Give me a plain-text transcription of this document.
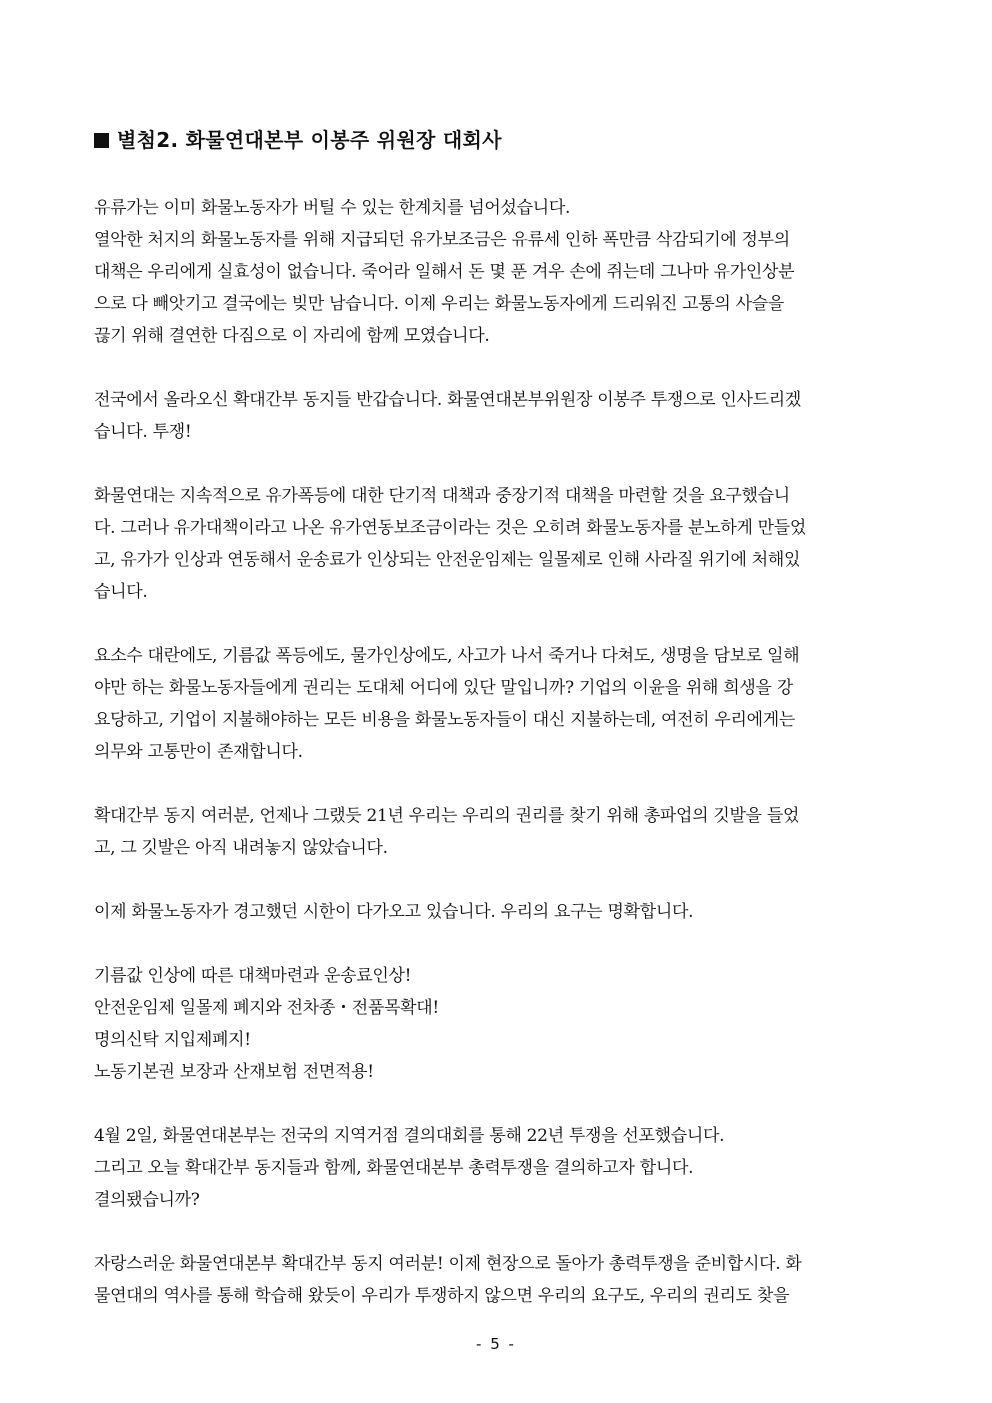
별첨2. 화물연대본부 이봉주 위원장 대회사

유류가는 이미 화물노동자가 버틸 수 있는 한계치를 넘어섰습니다.
열악한 처지의 화물노동자를 위해 지급되던 유가보조금은 유류세 인하 폭만큼 삭감되기에 정부의
대책은 우리에게 실효성이 없습니다. 죽어라 일해서 돈 몇 푼 겨우 손에 쥐는데 그나마 유가인상분
으로 다 빼앗기고 결국에는 빚만 남습니다. 이제 우리는 화물노동자에게 드리워진 고통의 사슬을
끊기 위해 결연한 다짐으로 이 자리에 함께 모였습니다.

전국에서 올라오신 확대간부 동지들 반갑습니다. 화물연대본부위원장 이봉주 투쟁으로 인사드리겠
습니다. 투쟁!

화물연대는 지속적으로 유가폭등에 대한 단기적 대책과 중장기적 대책을 마련할 것을 요구했습니
다. 그러나 유가대책이라고 나온 유가연동보조금이라는 것은 오히려 화물노동자를 분노하게 만들었
고, 유가가 인상과 연동해서 운송료가 인상되는 안전운임제는 일몰제로 인해 사라질 위기에 처해있
습니다.

요소수 대란에도, 기름값 폭등에도, 물가인상에도, 사고가 나서 죽거나 다쳐도, 생명을 담보로 일해
야만 하는 화물노동자들에게 권리는 도대체 어디에 있단 말입니까? 기업의 이윤을 위해 희생을 강
요당하고, 기업이 지불해야하는 모든 비용을 화물노동자들이 대신 지불하는데, 여전히 우리에게는
의무와 고통만이 존재합니다.

확대간부 동지 여러분, 언제나 그랬듯 21년 우리는 우리의 권리를 찾기 위해 총파업의 깃발을 들었
고, 그 깃발은 아직 내려놓지 않았습니다.

이제 화물노동자가 경고했던 시한이 다가오고 있습니다. 우리의 요구는 명확합니다.

기름값 인상에 따른 대책마련과 운송료인상!
안전운임제 일몰제 폐지와 전차종・전품목확대!
명의신탁 지입제폐지!
노동기본권 보장과 산재보험 전면적용!

4월 2일, 화물연대본부는 전국의 지역거점 결의대회를 통해 22년 투쟁을 선포했습니다.
그리고 오늘 확대간부 동지들과 함께, 화물연대본부 총력투쟁을 결의하고자 합니다.
결의됐습니까?

자랑스러운 화물연대본부 확대간부 동지 여러분! 이제 현장으로 돌아가 총력투쟁을 준비합시다. 화
물연대의 역사를 통해 학습해 왔듯이 우리가 투쟁하지 않으면 우리의 요구도, 우리의 권리도 찾을

- 5 -
